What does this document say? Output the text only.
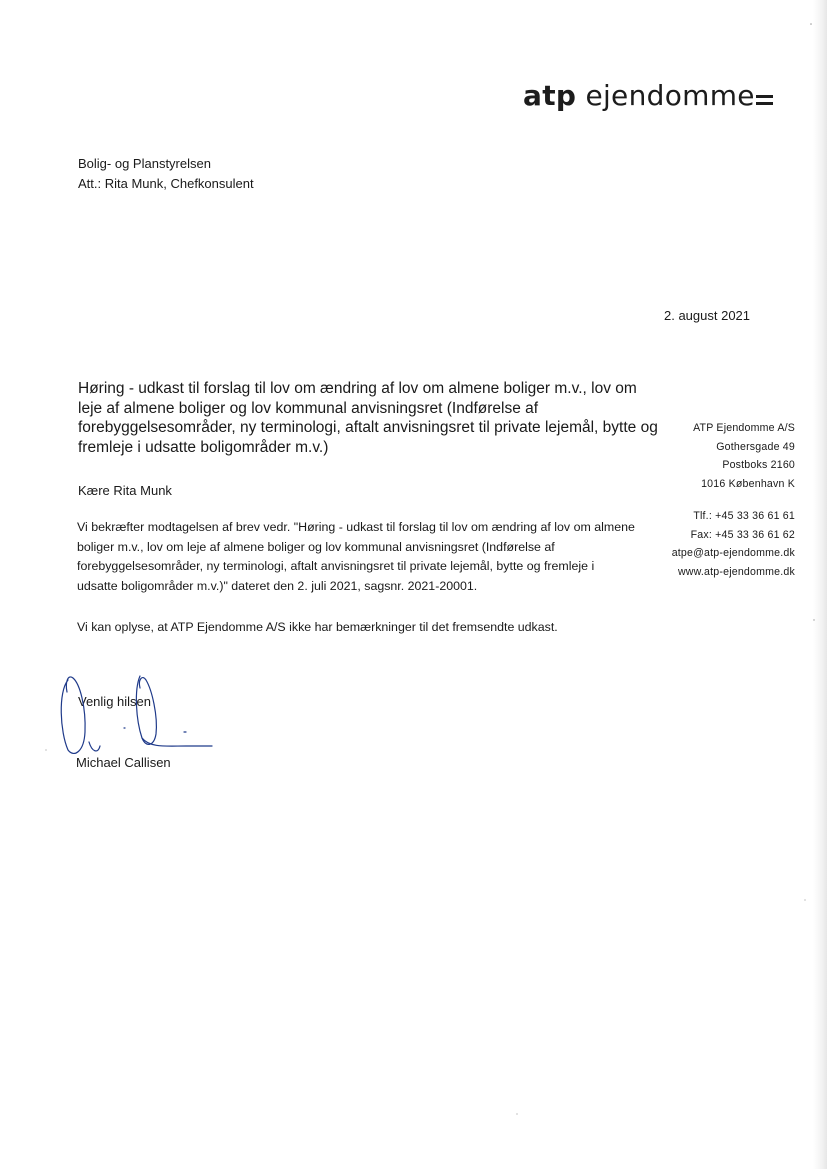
atp ejendomme
Bolig- og Planstyrelsen
Att.: Rita Munk, Chefkonsulent
2. august 2021
Høring - udkast til forslag til lov om ændring af lov om almene boliger m.v., lov om leje af almene boliger og lov kommunal anvisningsret (Indførelse af forebyggelsesområder, ny terminologi, aftalt anvisningsret til private lejemål, bytte og fremleje i udsatte boligområder m.v.)
Kære Rita Munk
Vi bekræfter modtagelsen af brev vedr. "Høring - udkast til forslag til lov om ændring af lov om almene boliger m.v., lov om leje af almene boliger og lov kommunal anvisningsret (Indførelse af forebyggelsesområder, ny terminologi, aftalt anvisningsret til private lejemål, bytte og fremleje i udsatte boligområder m.v.)" dateret den 2. juli 2021, sagsnr. 2021-20001.
Vi kan oplyse, at ATP Ejendomme A/S ikke har bemærkninger til det fremsendte udkast.
ATP Ejendomme A/S
Gothersgade 49
Postboks 2160
1016 København K
Tlf.: +45 33 36 61 61
Fax: +45 33 36 61 62
atpe@atp-ejendomme.dk
www.atp-ejendomme.dk
Venlig hilsen
Michael Callisen
